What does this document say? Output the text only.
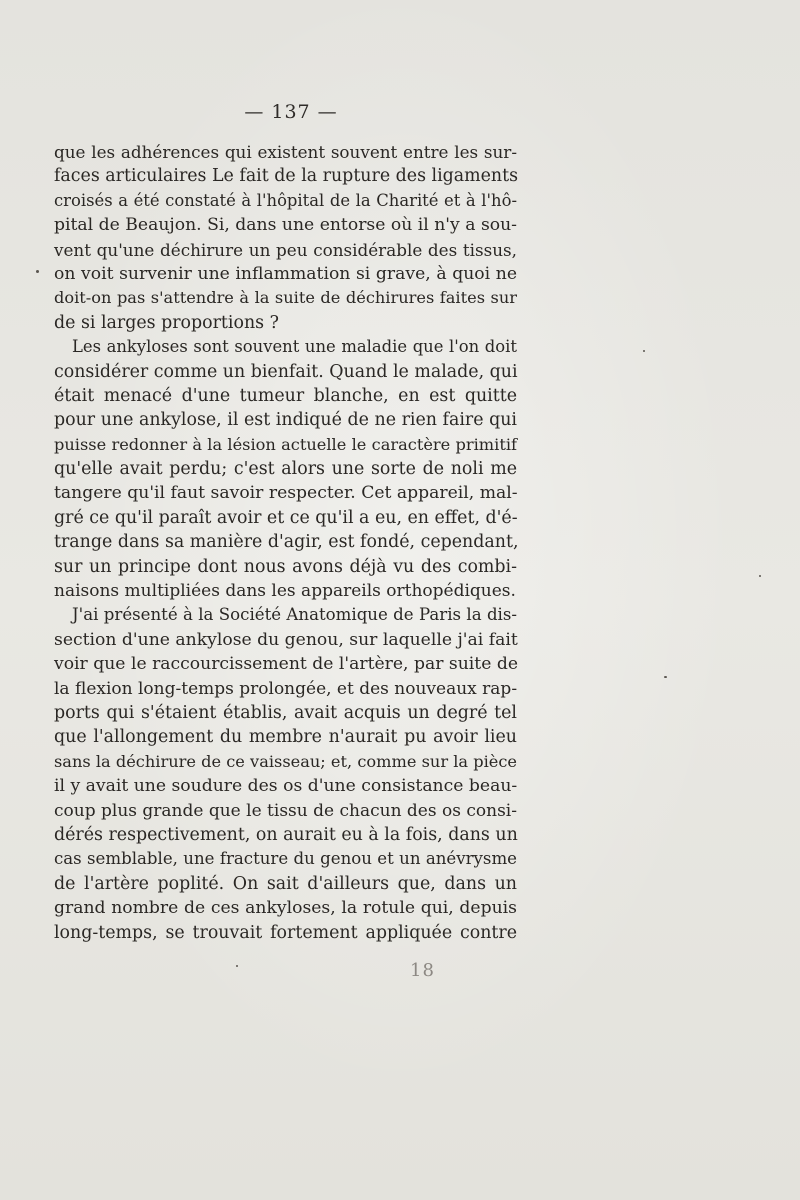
— 137 —
que les adhérences qui existent souvent entre les sur-
faces articulaires Le fait de la rupture des ligaments
croisés a été constaté à l'hôpital de la Charité et à l'hô-
pital de Beaujon. Si, dans une entorse où il n'y a sou-
vent qu'une déchirure un peu considérable des tissus,
on voit survenir une inflammation si grave, à quoi ne
doit-on pas s'attendre à la suite de déchirures faites sur
de si larges proportions ?
Les ankyloses sont souvent une maladie que l'on doit
considérer comme un bienfait. Quand le malade, qui
était menacé d'une tumeur blanche, en est quitte
pour une ankylose, il est indiqué de ne rien faire qui
puisse redonner à la lésion actuelle le caractère primitif
qu'elle avait perdu; c'est alors une sorte de noli me
tangere qu'il faut savoir respecter. Cet appareil, mal-
gré ce qu'il paraît avoir et ce qu'il a eu, en effet, d'é-
trange dans sa manière d'agir, est fondé, cependant,
sur un principe dont nous avons déjà vu des combi-
naisons multipliées dans les appareils orthopédiques.
J'ai présenté à la Société Anatomique de Paris la dis-
section d'une ankylose du genou, sur laquelle j'ai fait
voir que le raccourcissement de l'artère, par suite de
la flexion long-temps prolongée, et des nouveaux rap-
ports qui s'étaient établis, avait acquis un degré tel
que l'allongement du membre n'aurait pu avoir lieu
sans la déchirure de ce vaisseau; et, comme sur la pièce
il y avait une soudure des os d'une consistance beau-
coup plus grande que le tissu de chacun des os consi-
dérés respectivement, on aurait eu à la fois, dans un
cas semblable, une fracture du genou et un anévrysme
de l'artère poplité. On sait d'ailleurs que, dans un
grand nombre de ces ankyloses, la rotule qui, depuis
long-temps, se trouvait fortement appliquée contre
18
